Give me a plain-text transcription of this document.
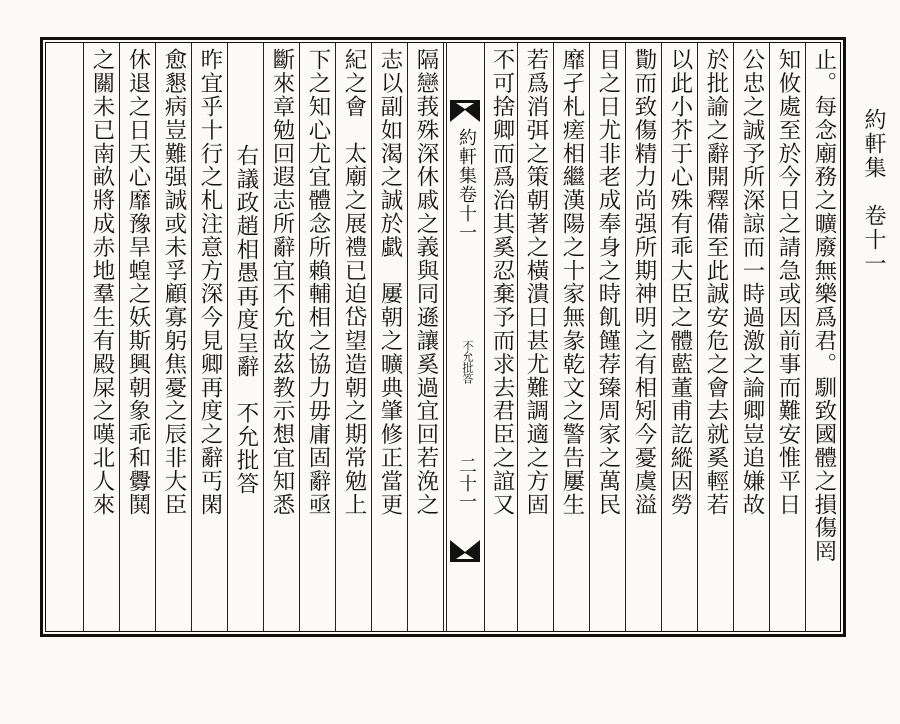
止。每念廟務之曠廢無樂爲君。馴致國體之損傷罔
知攸處至於今日之請急或因前事而難安惟平日
公忠之誠予所深諒而一時過激之論卿豈追嫌故
於批諭之辭開釋備至此誠安危之會去就奚輕若
以此小芥于心殊有乖大臣之體藍董甫訖縱因勞
勩而致傷精力尚强所期神明之有相矧今憂虞溢
目之日尤非老成奉身之時飢饉荐臻周家之萬民
靡孑札瘥相繼漢陽之十家無彖乾文之警告屢生
若爲消弭之策朝著之橫潰日甚尤難調適之方固
不可捨卿而爲治其奚忍棄予而求去君臣之誼又
隔戀莪殊深休戚之義與同遜讓奚過宜回若浼之
志以副如渴之誠於戱　屢朝之曠典肇修正當更
紀之會　太廟之展禮已迫岱望造朝之期常勉上
下之知心尤宜體念所賴輔相之協力毋庸固辭亟
斷來章勉回遐志所辭宜不允故茲教示想宜知悉
右議政趙相愚再度呈辭　不允批答
昨宜乎十行之札注意方深今見卿再度之辭丐閑
愈懇病豈難强誠或未孚顧寡躬焦憂之辰非大臣
休退之日天心靡豫旱蝗之妖斯興朝象乖和釁鬨
之關未已南畝將成赤地羣生有殿屎之嘆北人來	約軒集卷十一
不允批答
二十一
約軒集　卷十一
